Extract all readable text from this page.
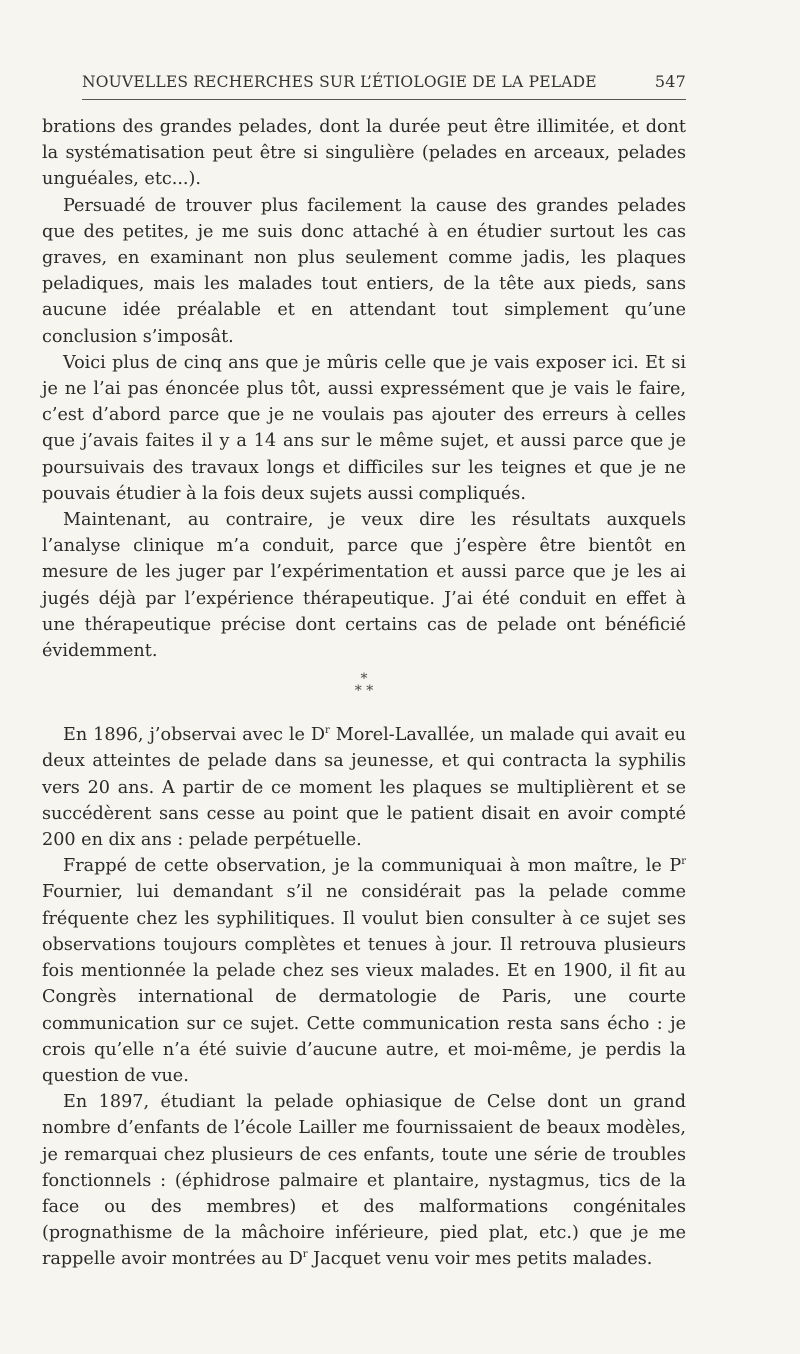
NOUVELLES RECHERCHES SUR L’ÉTIOLOGIE DE LA PELADE	547

brations des grandes pelades, dont la durée peut être illimitée, et dont la systématisation peut être si singulière (pelades en arceaux, pelades unguéales, etc...).

Persuadé de trouver plus facilement la cause des grandes pelades que des petites, je me suis donc attaché à en étudier surtout les cas graves, en examinant non plus seulement comme jadis, les plaques peladiques, mais les malades tout entiers, de la tête aux pieds, sans aucune idée préalable et en attendant tout simplement qu’une conclusion s’imposât.

Voici plus de cinq ans que je mûris celle que je vais exposer ici. Et si je ne l’ai pas énoncée plus tôt, aussi expressément que je vais le faire, c’est d’abord parce que je ne voulais pas ajouter des erreurs à celles que j’avais faites il y a 14 ans sur le même sujet, et aussi parce que je poursuivais des travaux longs et difficiles sur les teignes et que je ne pouvais étudier à la fois deux sujets aussi compliqués.

Maintenant, au contraire, je veux dire les résultats auxquels l’analyse clinique m’a conduit, parce que j’espère être bientôt en mesure de les juger par l’expérimentation et aussi parce que je les ai jugés déjà par l’expérience thérapeutique. J’ai été conduit en effet à une thérapeutique précise dont certains cas de pelade ont bénéficié évidemment.

*
* *

En 1896, j’observai avec le $D^r$ Morel-Lavallée, un malade qui avait eu deux atteintes de pelade dans sa jeunesse, et qui contracta la syphilis vers 20 ans. A partir de ce moment les plaques se multiplièrent et se succédèrent sans cesse au point que le patient disait en avoir compté 200 en dix ans : pelade perpétuelle.

Frappé de cette observation, je la communiquai à mon maître, le $P^r$ Fournier, lui demandant s’il ne considérait pas la pelade comme fréquente chez les syphilitiques. Il voulut bien consulter à ce sujet ses observations toujours complètes et tenues à jour. Il retrouva plusieurs fois mentionnée la pelade chez ses vieux malades. Et en 1900, il fit au Congrès international de dermatologie de Paris, une courte communication sur ce sujet. Cette communication resta sans écho : je crois qu’elle n’a été suivie d’aucune autre, et moi-même, je perdis la question de vue.

En 1897, étudiant la pelade ophiasique de Celse dont un grand nombre d’enfants de l’école Lailler me fournissaient de beaux modèles, je remarquai chez plusieurs de ces enfants, toute une série de troubles fonctionnels : (éphidrose palmaire et plantaire, nystagmus, tics de la face ou des membres) et des malformations congénitales (prognathisme de la mâchoire inférieure, pied plat, etc.) que je me rappelle avoir montrées au $D^r$ Jacquet venu voir mes petits malades.
